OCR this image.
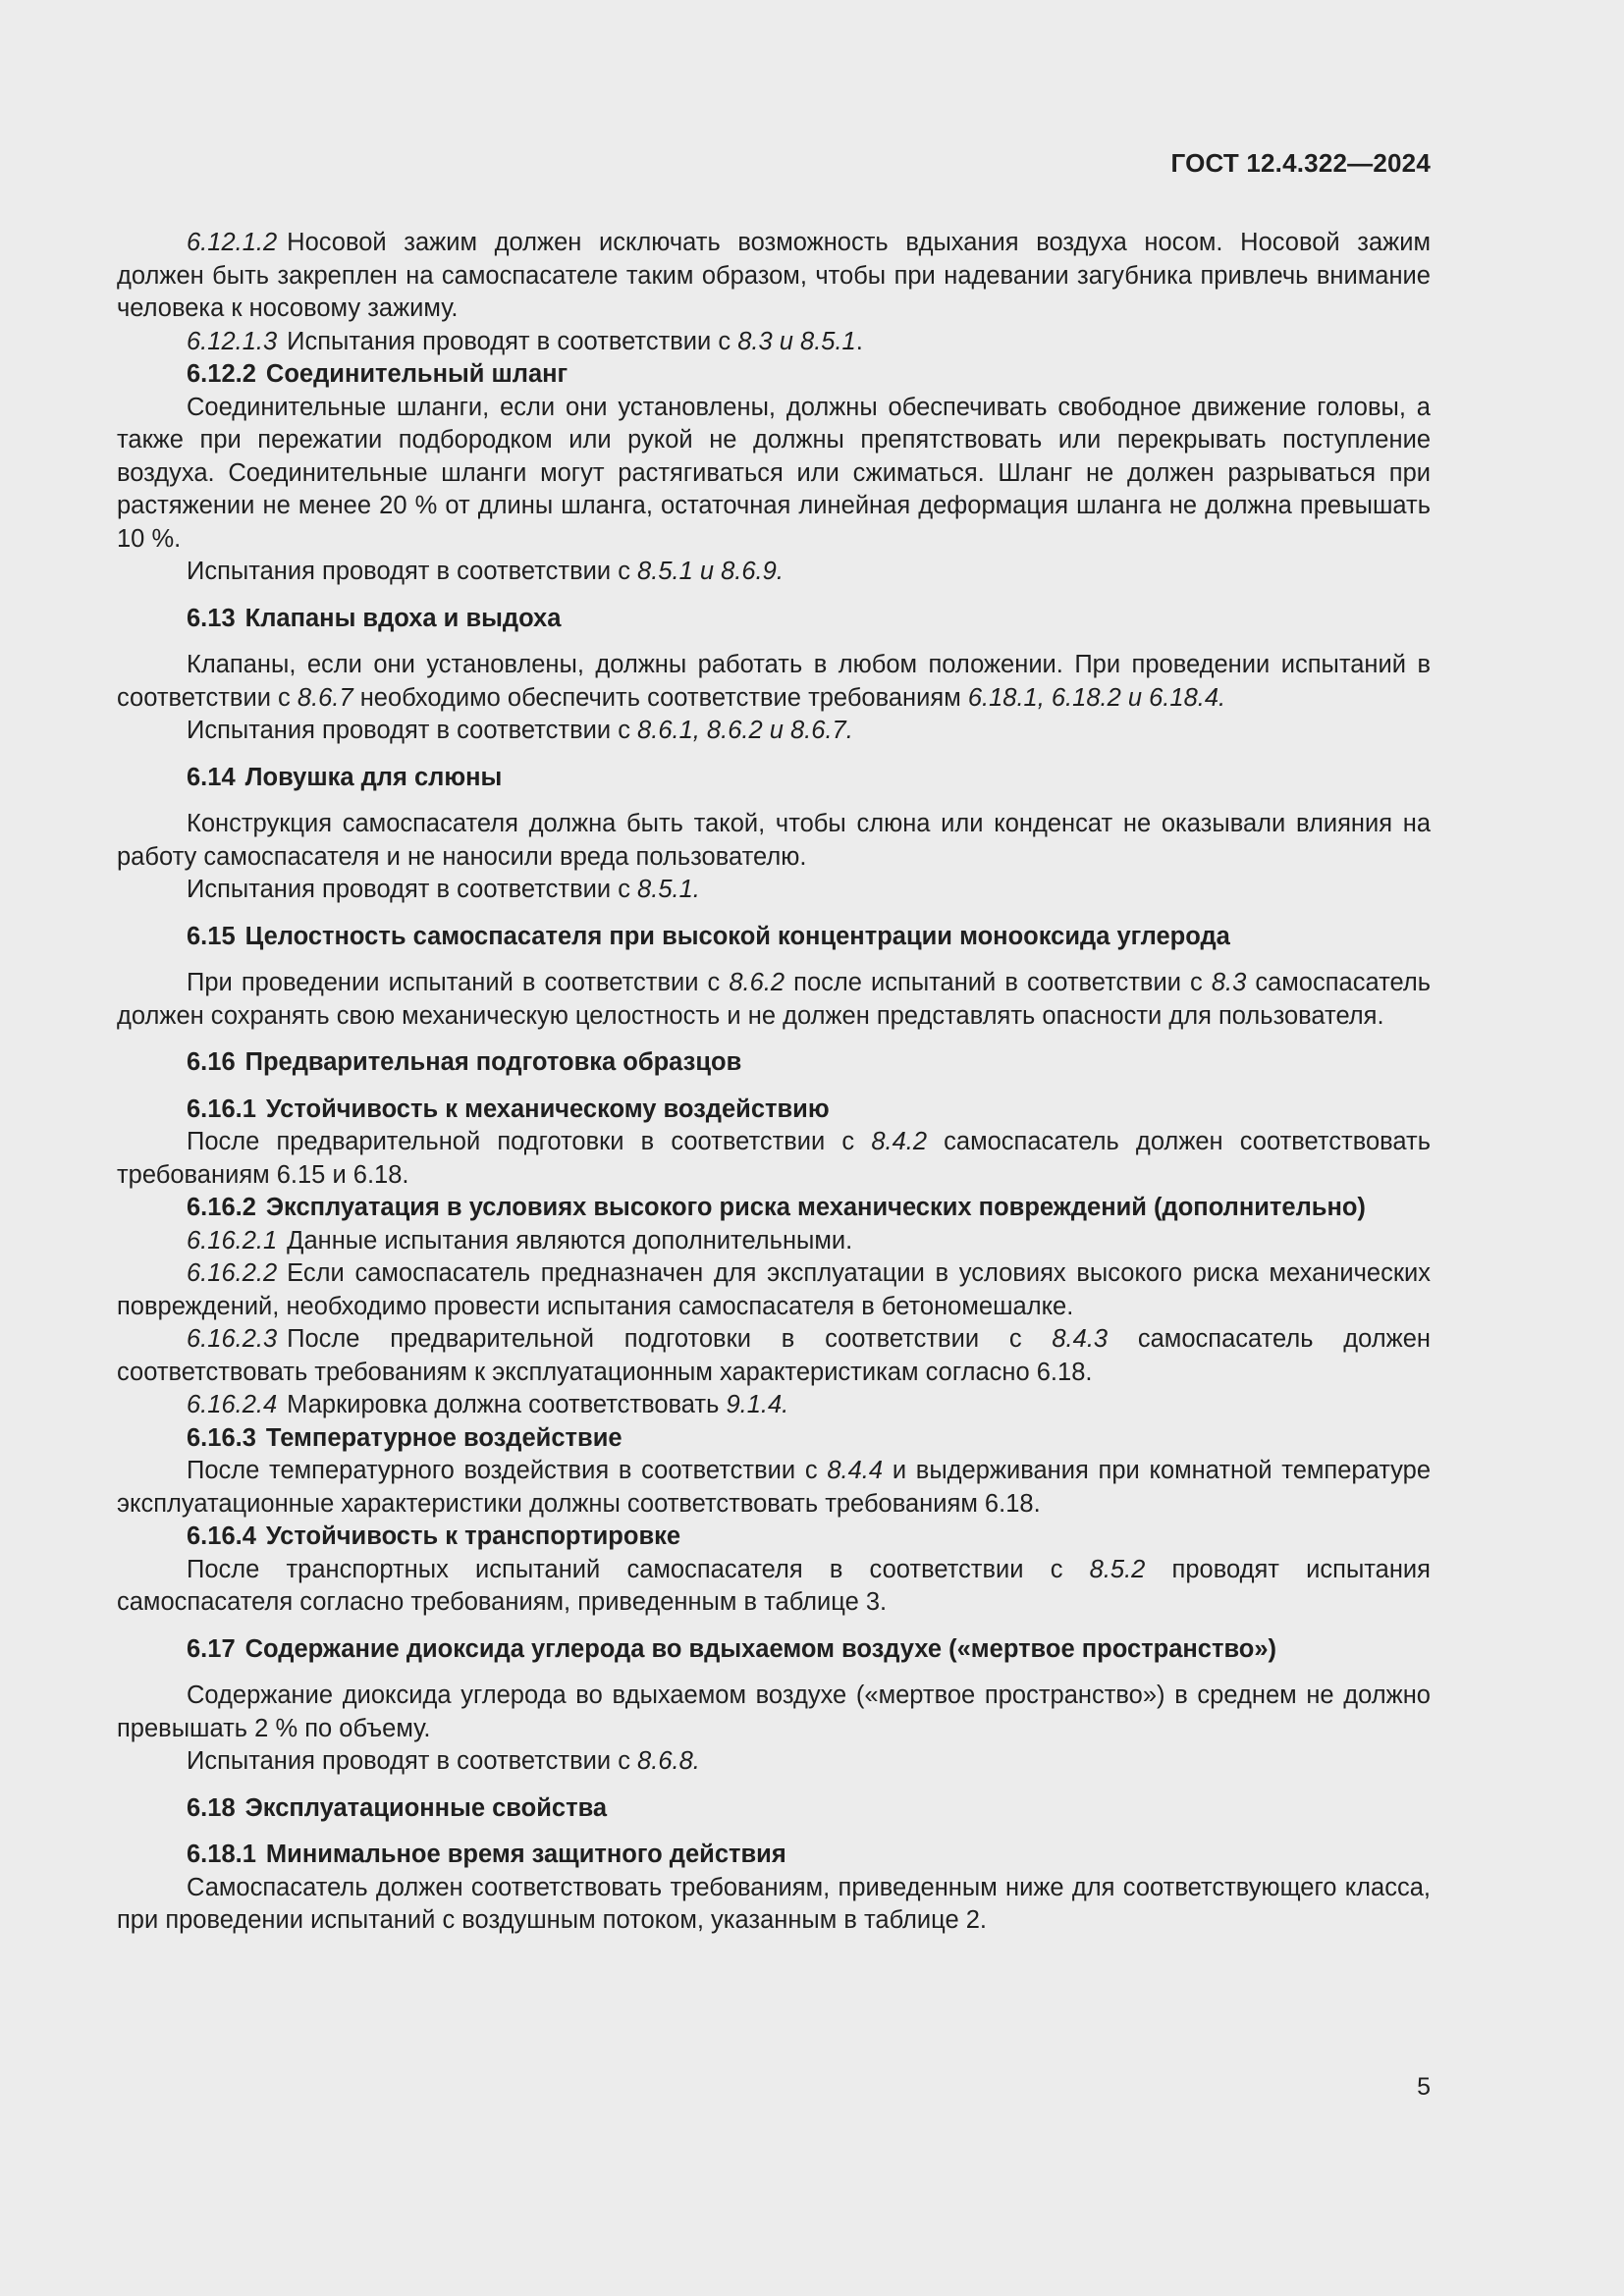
ГОСТ 12.4.322—2024

6.12.1.2 Носовой зажим должен исключать возможность вдыхания воздуха носом. Носовой зажим должен быть закреплен на самоспасателе таким образом, чтобы при надевании загубника привлечь внимание человека к носовому зажиму.

6.12.1.3 Испытания проводят в соответствии с 8.3 и 8.5.1.

6.12.2 Соединительный шланг

Соединительные шланги, если они установлены, должны обеспечивать свободное движение головы, а также при пережатии подбородком или рукой не должны препятствовать или перекрывать поступление воздуха. Соединительные шланги могут растягиваться или сжиматься. Шланг не должен разрываться при растяжении не менее 20 % от длины шланга, остаточная линейная деформация шланга не должна превышать 10 %.

Испытания проводят в соответствии с 8.5.1 и 8.6.9.

6.13 Клапаны вдоха и выдоха

Клапаны, если они установлены, должны работать в любом положении. При проведении испытаний в соответствии с 8.6.7 необходимо обеспечить соответствие требованиям 6.18.1, 6.18.2 и 6.18.4.

Испытания проводят в соответствии с 8.6.1, 8.6.2 и 8.6.7.

6.14 Ловушка для слюны

Конструкция самоспасателя должна быть такой, чтобы слюна или конденсат не оказывали влияния на работу самоспасателя и не наносили вреда пользователю.

Испытания проводят в соответствии с 8.5.1.

6.15 Целостность самоспасателя при высокой концентрации монооксида углерода

При проведении испытаний в соответствии с 8.6.2 после испытаний в соответствии с 8.3 самоспасатель должен сохранять свою механическую целостность и не должен представлять опасности для пользователя.

6.16 Предварительная подготовка образцов

6.16.1 Устойчивость к механическому воздействию

После предварительной подготовки в соответствии с 8.4.2 самоспасатель должен соответствовать требованиям 6.15 и 6.18.

6.16.2 Эксплуатация в условиях высокого риска механических повреждений (дополнительно)

6.16.2.1 Данные испытания являются дополнительными.

6.16.2.2 Если самоспасатель предназначен для эксплуатации в условиях высокого риска механических повреждений, необходимо провести испытания самоспасателя в бетономешалке.

6.16.2.3 После предварительной подготовки в соответствии с 8.4.3 самоспасатель должен соответствовать требованиям к эксплуатационным характеристикам согласно 6.18.

6.16.2.4 Маркировка должна соответствовать 9.1.4.

6.16.3 Температурное воздействие

После температурного воздействия в соответствии с 8.4.4 и выдерживания при комнатной температуре эксплуатационные характеристики должны соответствовать требованиям 6.18.

6.16.4 Устойчивость к транспортировке

После транспортных испытаний самоспасателя в соответствии с 8.5.2 проводят испытания самоспасателя согласно требованиям, приведенным в таблице 3.

6.17 Содержание диоксида углерода во вдыхаемом воздухе («мертвое пространство»)

Содержание диоксида углерода во вдыхаемом воздухе («мертвое пространство») в среднем не должно превышать 2 % по объему.

Испытания проводят в соответствии с 8.6.8.

6.18 Эксплуатационные свойства

6.18.1 Минимальное время защитного действия

Самоспасатель должен соответствовать требованиям, приведенным ниже для соответствующего класса, при проведении испытаний с воздушным потоком, указанным в таблице 2.

5
